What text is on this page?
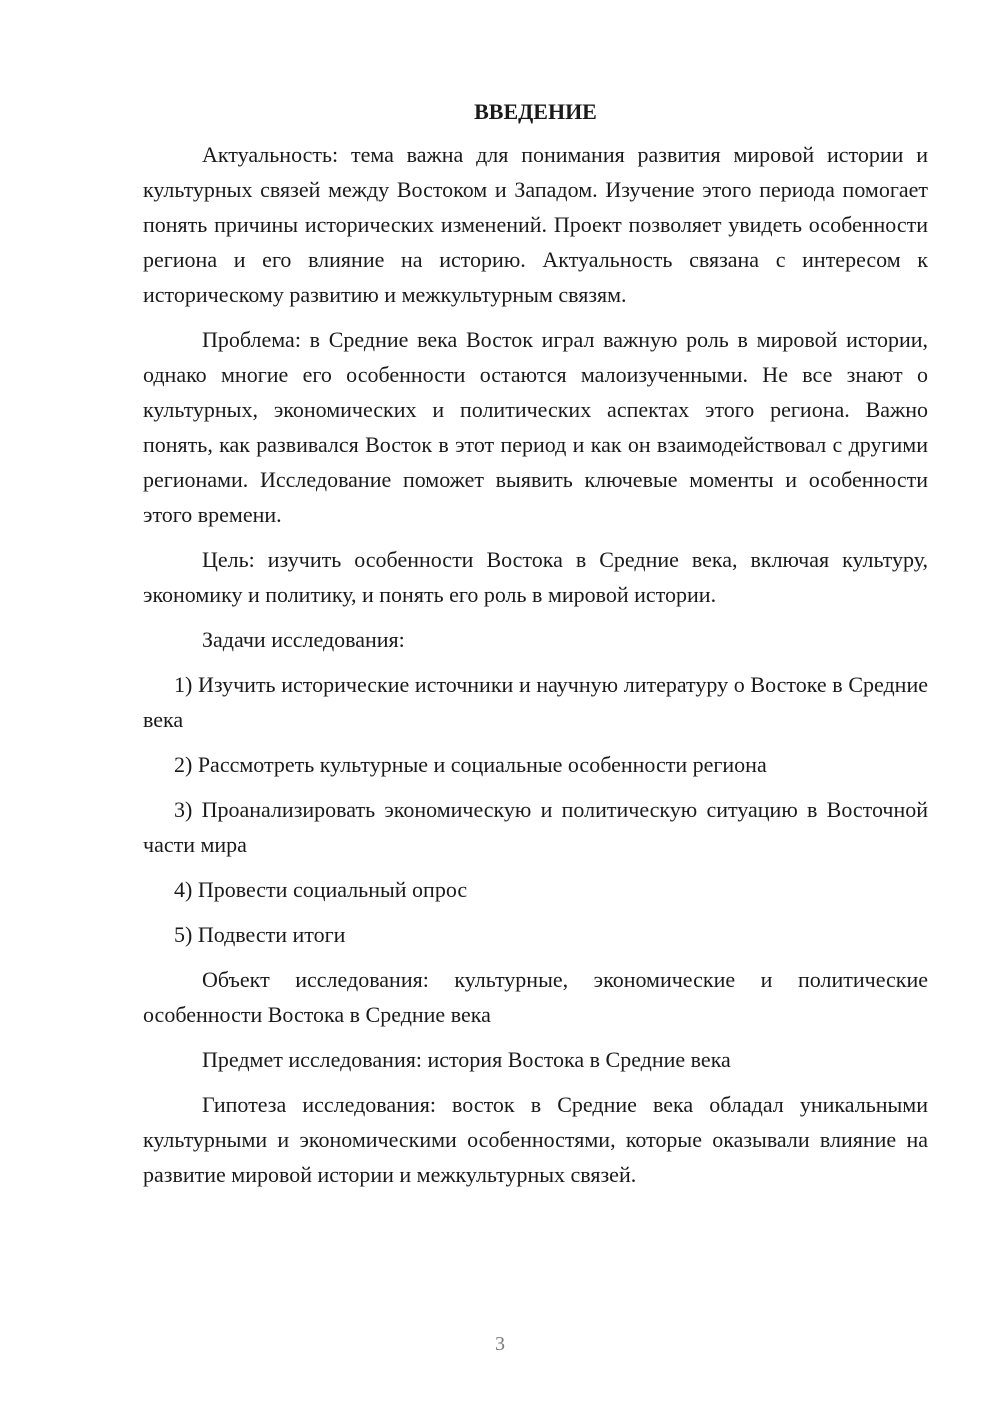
ВВЕДЕНИЕ

Актуальность: тема важна для понимания развития мировой истории и культурных связей между Востоком и Западом. Изучение этого периода помогает понять причины исторических изменений. Проект позволяет увидеть особенности региона и его влияние на историю. Актуальность связана с интересом к историческому развитию и межкультурным связям.

Проблема: в Средние века Восток играл важную роль в мировой истории, однако многие его особенности остаются малоизученными. Не все знают о культурных, экономических и политических аспектах этого региона. Важно понять, как развивался Восток в этот период и как он взаимодействовал с другими регионами. Исследование поможет выявить ключевые моменты и особенности этого времени.

Цель: изучить особенности Востока в Средние века, включая культуру, экономику и политику, и понять его роль в мировой истории.

Задачи исследования:

1) Изучить исторические источники и научную литературу о Востоке в Средние века

2) Рассмотреть культурные и социальные особенности региона

3) Проанализировать экономическую и политическую ситуацию в Восточной части мира

4) Провести социальный опрос

5) Подвести итоги

Объект исследования: культурные, экономические и политические особенности Востока в Средние века

Предмет исследования: история Востока в Средние века

Гипотеза исследования: восток в Средние века обладал уникальными культурными и экономическими особенностями, которые оказывали влияние на развитие мировой истории и межкультурных связей.

3
